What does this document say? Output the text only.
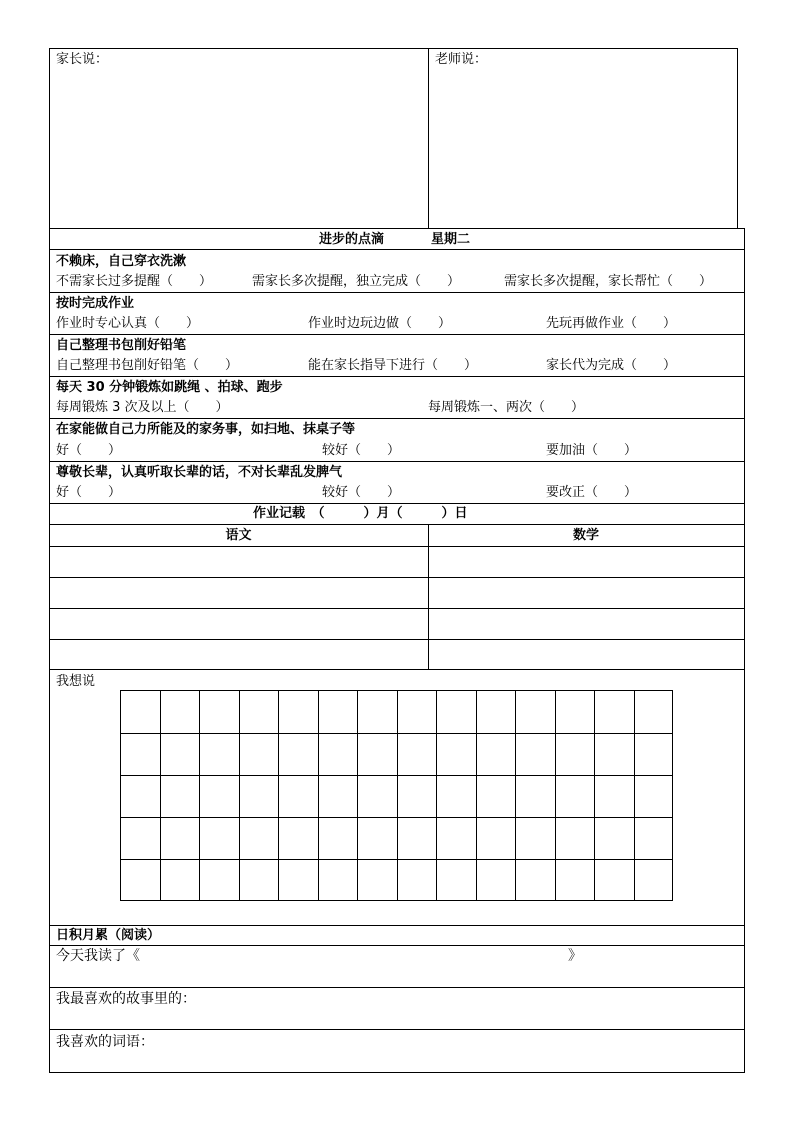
家长说：	老师说：
进步的点滴	星期二
不赖床，自己穿衣洗漱
不需家长过多提醒（　　）	需家长多次提醒，独立完成（　　）	需家长多次提醒，家长帮忙（　　）
按时完成作业
作业时专心认真（　　）	作业时边玩边做（　　）	先玩再做作业（　　）
自己整理书包削好铅笔
自己整理书包削好铅笔（　　）	能在家长指导下进行（　　）	家长代为完成（　　）
每天 30 分钟锻炼如跳绳 、拍球、跑步
每周锻炼 3 次及以上（　　）	每周锻炼一、两次（　　）
在家能做自己力所能及的家务事，如扫地、抹桌子等
好（　　）	较好（　　）	要加油（　　）
尊敬长辈，认真听取长辈的话，不对长辈乱发脾气
好（　　）	较好（　　）	要改正（　　）
作业记载　（　　　）月（　　　）日
语文	数学
我想说
日积月累（阅读）
今天我读了《	》
我最喜欢的故事里的：
我喜欢的词语：
